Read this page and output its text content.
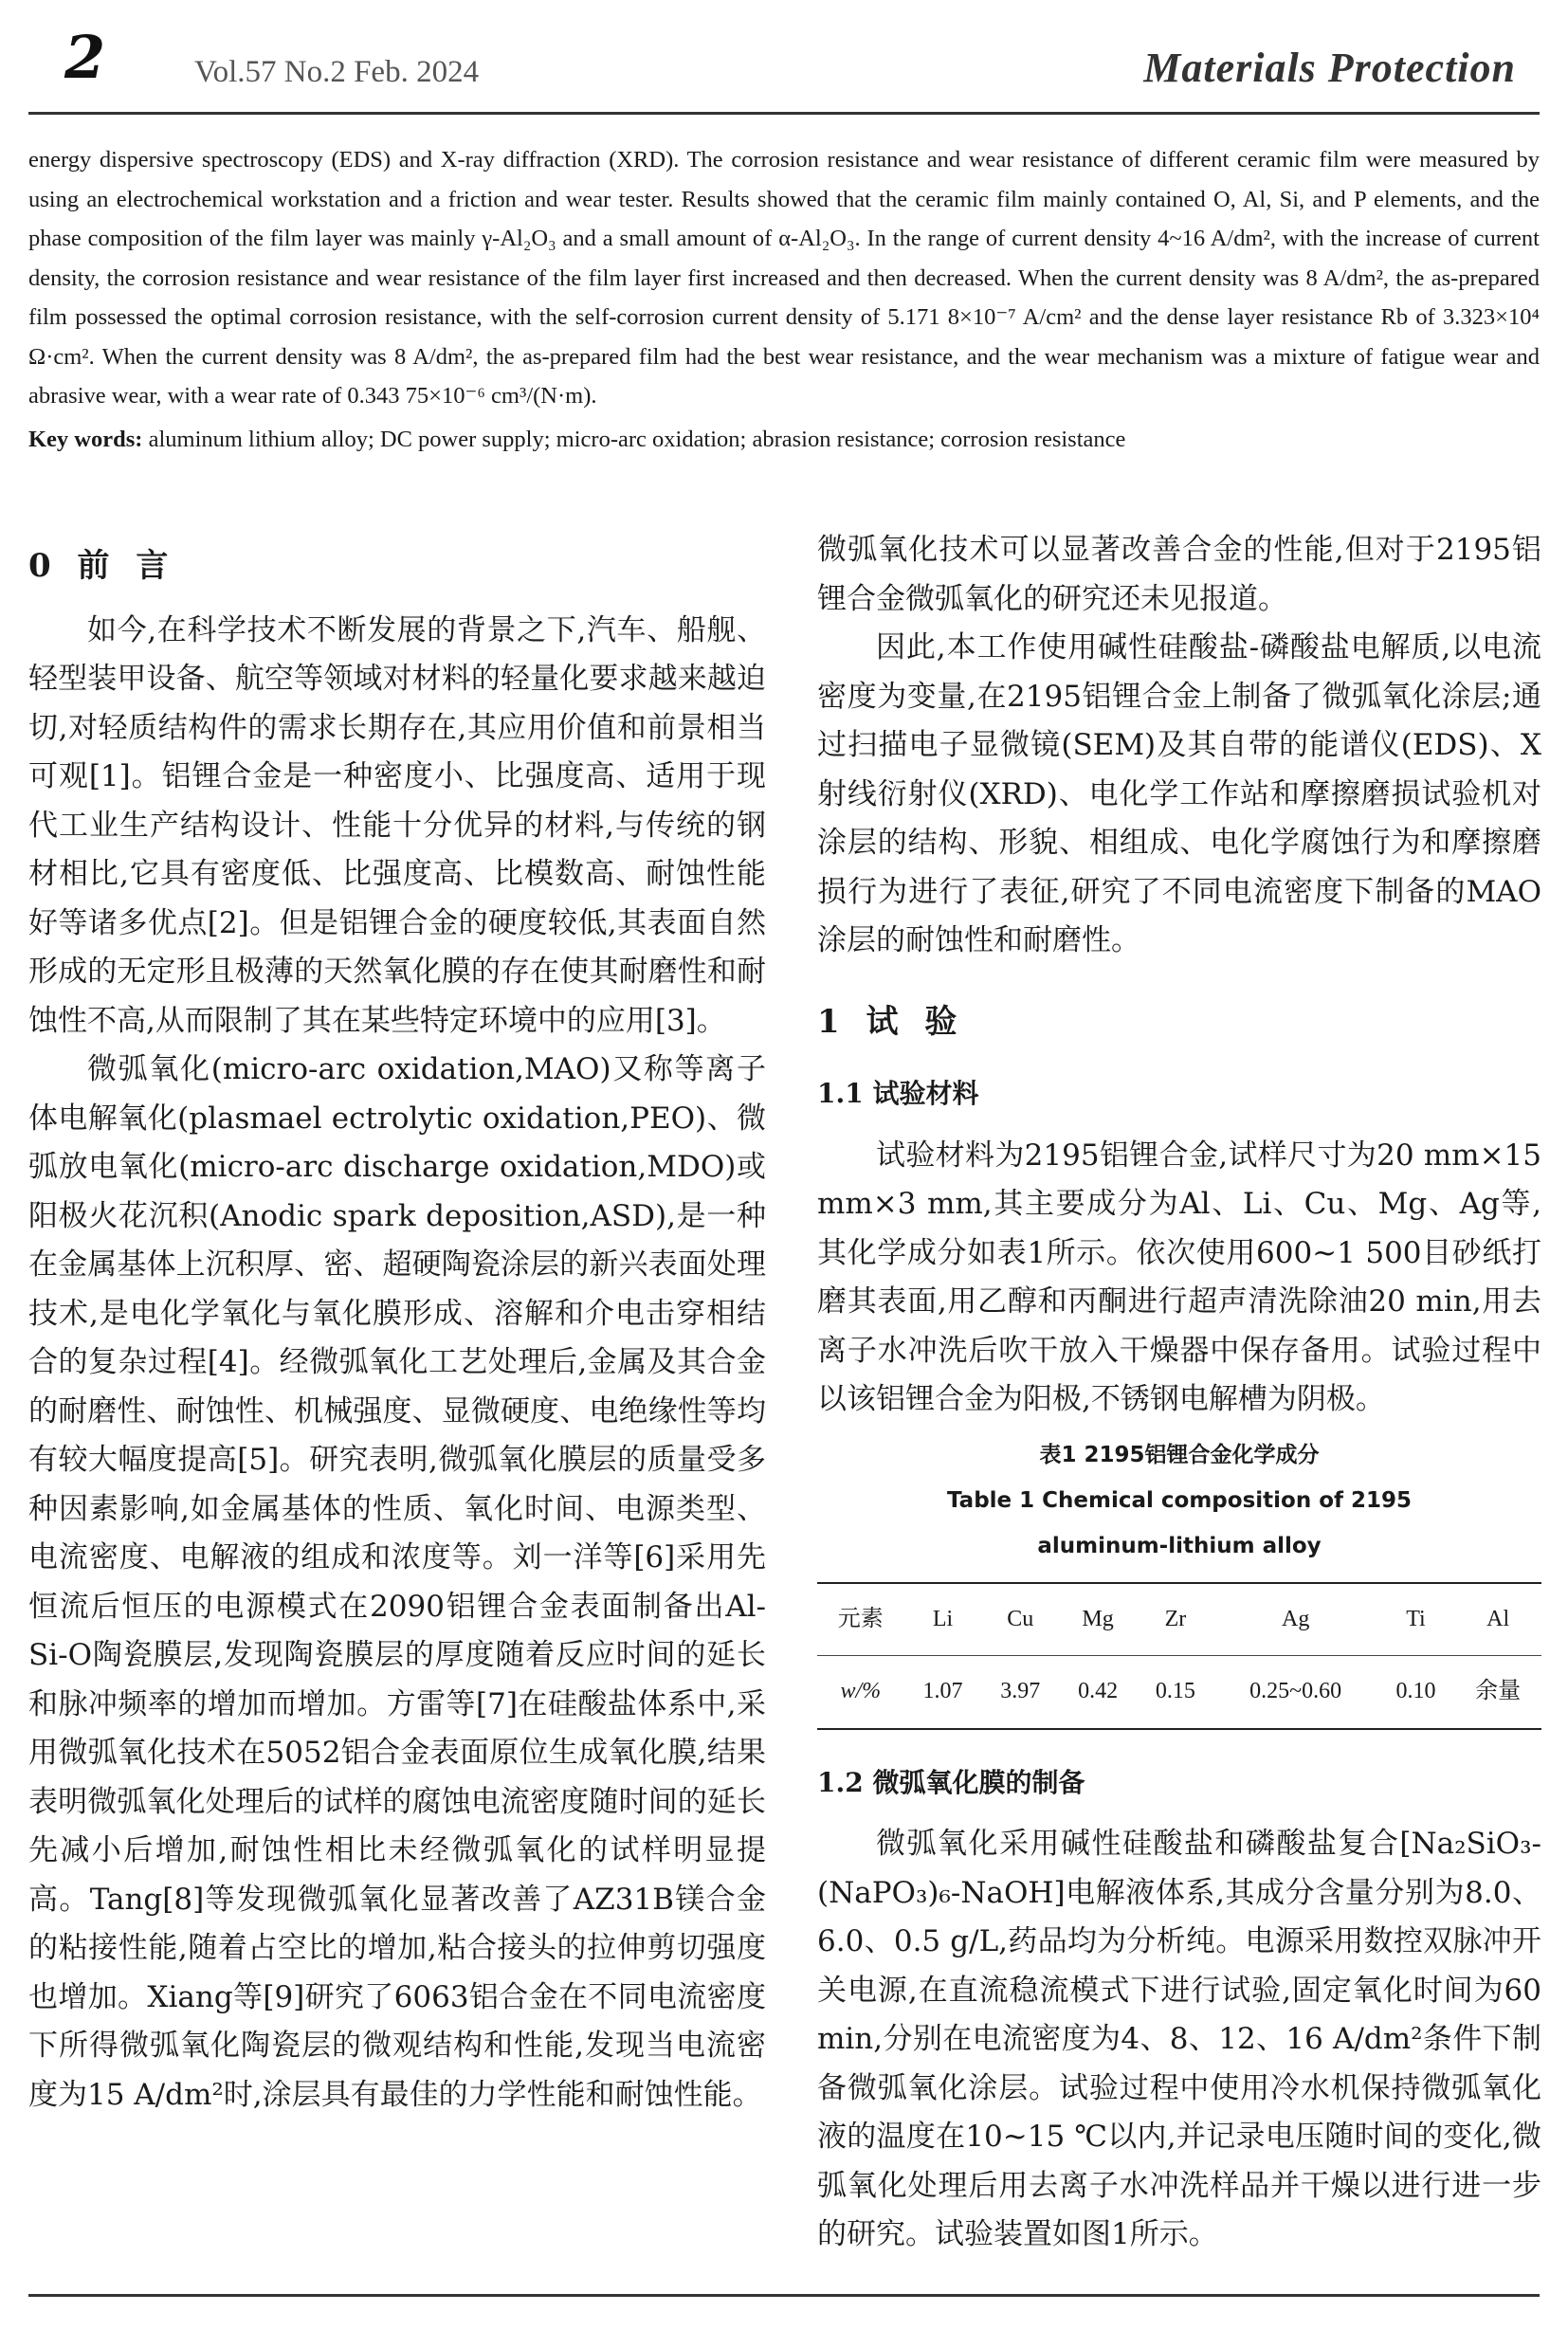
2	Vol.57 No.2 Feb. 2024	Materials Protection

energy dispersive spectroscopy (EDS) and X-ray diffraction (XRD). The corrosion resistance and wear resistance of different ceramic film were measured by using an electrochemical workstation and a friction and wear tester. Results showed that the ceramic film mainly contained O, Al, Si, and P elements, and the phase composition of the film layer was mainly γ-Al₂O₃ and a small amount of α-Al₂O₃. In the range of current density 4~16 A/dm², with the increase of current density, the corrosion resistance and wear resistance of the film layer first increased and then decreased. When the current density was 8 A/dm², the as-prepared film possessed the optimal corrosion resistance, with the self-corrosion current density of 5.171 8×10⁻⁷ A/cm² and the dense layer resistance Rb of 3.323×10⁴ Ω·cm². When the current density was 8 A/dm², the as-prepared film had the best wear resistance, and the wear mechanism was a mixture of fatigue wear and abrasive wear, with a wear rate of 0.343 75×10⁻⁶ cm³/(N·m).

Key words: aluminum lithium alloy; DC power supply; micro-arc oxidation; abrasion resistance; corrosion resistance

0 前 言

如今,在科学技术不断发展的背景之下,汽车、船舰、轻型装甲设备、航空等领域对材料的轻量化要求越来越迫切,对轻质结构件的需求长期存在,其应用价值和前景相当可观[1]。铝锂合金是一种密度小、比强度高、适用于现代工业生产结构设计、性能十分优异的材料,与传统的钢材相比,它具有密度低、比强度高、比模数高、耐蚀性能好等诸多优点[2]。但是铝锂合金的硬度较低,其表面自然形成的无定形且极薄的天然氧化膜的存在使其耐磨性和耐蚀性不高,从而限制了其在某些特定环境中的应用[3]。

微弧氧化(micro-arc oxidation,MAO)又称等离子体电解氧化(plasmael ectrolytic oxidation,PEO)、微弧放电氧化(micro-arc discharge oxidation,MDO)或阳极火花沉积(Anodic spark deposition,ASD),是一种在金属基体上沉积厚、密、超硬陶瓷涂层的新兴表面处理技术,是电化学氧化与氧化膜形成、溶解和介电击穿相结合的复杂过程[4]。经微弧氧化工艺处理后,金属及其合金的耐磨性、耐蚀性、机械强度、显微硬度、电绝缘性等均有较大幅度提高[5]。研究表明,微弧氧化膜层的质量受多种因素影响,如金属基体的性质、氧化时间、电源类型、电流密度、电解液的组成和浓度等。刘一洋等[6]采用先恒流后恒压的电源模式在2090铝锂合金表面制备出Al-Si-O陶瓷膜层,发现陶瓷膜层的厚度随着反应时间的延长和脉冲频率的增加而增加。方雷等[7]在硅酸盐体系中,采用微弧氧化技术在5052铝合金表面原位生成氧化膜,结果表明微弧氧化处理后的试样的腐蚀电流密度随时间的延长先减小后增加,耐蚀性相比未经微弧氧化的试样明显提高。Tang[8]等发现微弧氧化显著改善了AZ31B镁合金的粘接性能,随着占空比的增加,粘合接头的拉伸剪切强度也增加。Xiang等[9]研究了6063铝合金在不同电流密度下所得微弧氧化陶瓷层的微观结构和性能,发现当电流密度为15 A/dm²时,涂层具有最佳的力学性能和耐蚀性能。

微弧氧化技术可以显著改善合金的性能,但对于2195铝锂合金微弧氧化的研究还未见报道。

因此,本工作使用碱性硅酸盐-磷酸盐电解质,以电流密度为变量,在2195铝锂合金上制备了微弧氧化涂层;通过扫描电子显微镜(SEM)及其自带的能谱仪(EDS)、X射线衍射仪(XRD)、电化学工作站和摩擦磨损试验机对涂层的结构、形貌、相组成、电化学腐蚀行为和摩擦磨损行为进行了表征,研究了不同电流密度下制备的MAO涂层的耐蚀性和耐磨性。

1 试 验
1.1 试验材料

试验材料为2195铝锂合金,试样尺寸为20 mm×15 mm×3 mm,其主要成分为Al、Li、Cu、Mg、Ag等,其化学成分如表1所示。依次使用600~1 500目砂纸打磨其表面,用乙醇和丙酮进行超声清洗除油20 min,用去离子水冲洗后吹干放入干燥器中保存备用。试验过程中以该铝锂合金为阳极,不锈钢电解槽为阴极。

表1 2195铝锂合金化学成分
Table 1 Chemical composition of 2195
aluminum-lithium alloy
元素	Li	Cu	Mg	Zr	Ag	Ti	Al
w/%	1.07	3.97	0.42	0.15	0.25~0.60	0.10	余量
1.2 微弧氧化膜的制备

微弧氧化采用碱性硅酸盐和磷酸盐复合[Na₂SiO₃-(NaPO₃)₆-NaOH]电解液体系,其成分含量分别为8.0、6.0、0.5 g/L,药品均为分析纯。电源采用数控双脉冲开关电源,在直流稳流模式下进行试验,固定氧化时间为60 min,分别在电流密度为4、8、12、16 A/dm²条件下制备微弧氧化涂层。试验过程中使用冷水机保持微弧氧化液的温度在10~15 ℃以内,并记录电压随时间的变化,微弧氧化处理后用去离子水冲洗样品并干燥以进行进一步的研究。试验装置如图1所示。
